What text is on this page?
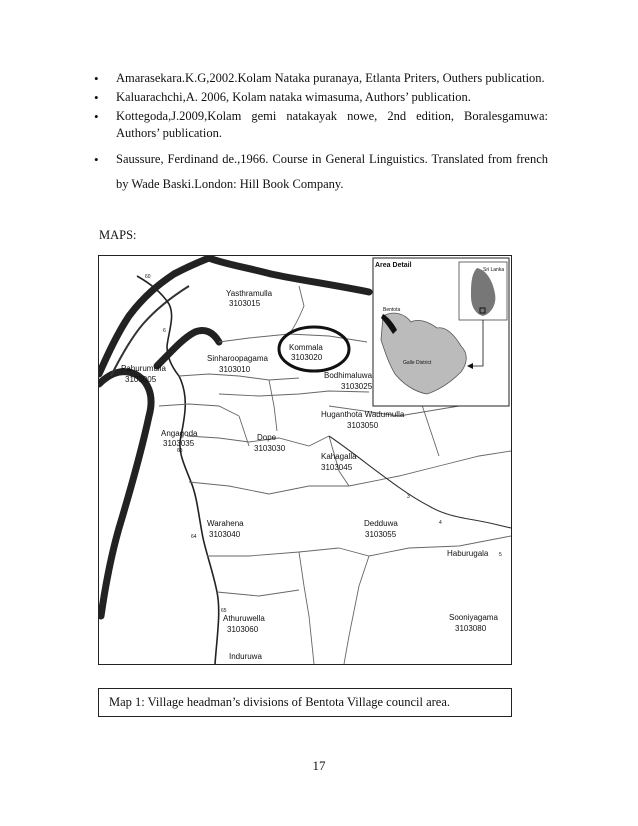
• Amarasekara.K.G,2002.Kolam Nataka puranaya, Etlanta Priters, Outhers publication.
• Kaluarachchi,A. 2006, Kolam nataka wimasuma, Authors’ publication.
• Kottegoda,J.2009,Kolam gemi natakayak nowe, 2nd edition, Boralesgamuwa: Authors’ publication.
• Saussure, Ferdinand de.,1966. Course in General Linguistics. Translated from french by Wade Baski.London: Hill Book Company.
MAPS:
Yasthramulla
3103015
Kommala
3103020
Bodhimaluwa
3103025
Sinharoopagama
3103010
Pahurumulla
3103005
Huganthota Wadumulla
3103050
Angagoda
3103035
Dope
3103030
Kahagalla
3103045
Warahena
3103040
Dedduwa
3103055
Athuruwella
3103060
Sooniyagama
3103080
Haburugala
Induruwa
60
6
63
64
65
3
4
5
Area Detail
Bentota
Galle District
Sri Lanka
Map 1: Village headman’s divisions of Bentota Village council area.
17
